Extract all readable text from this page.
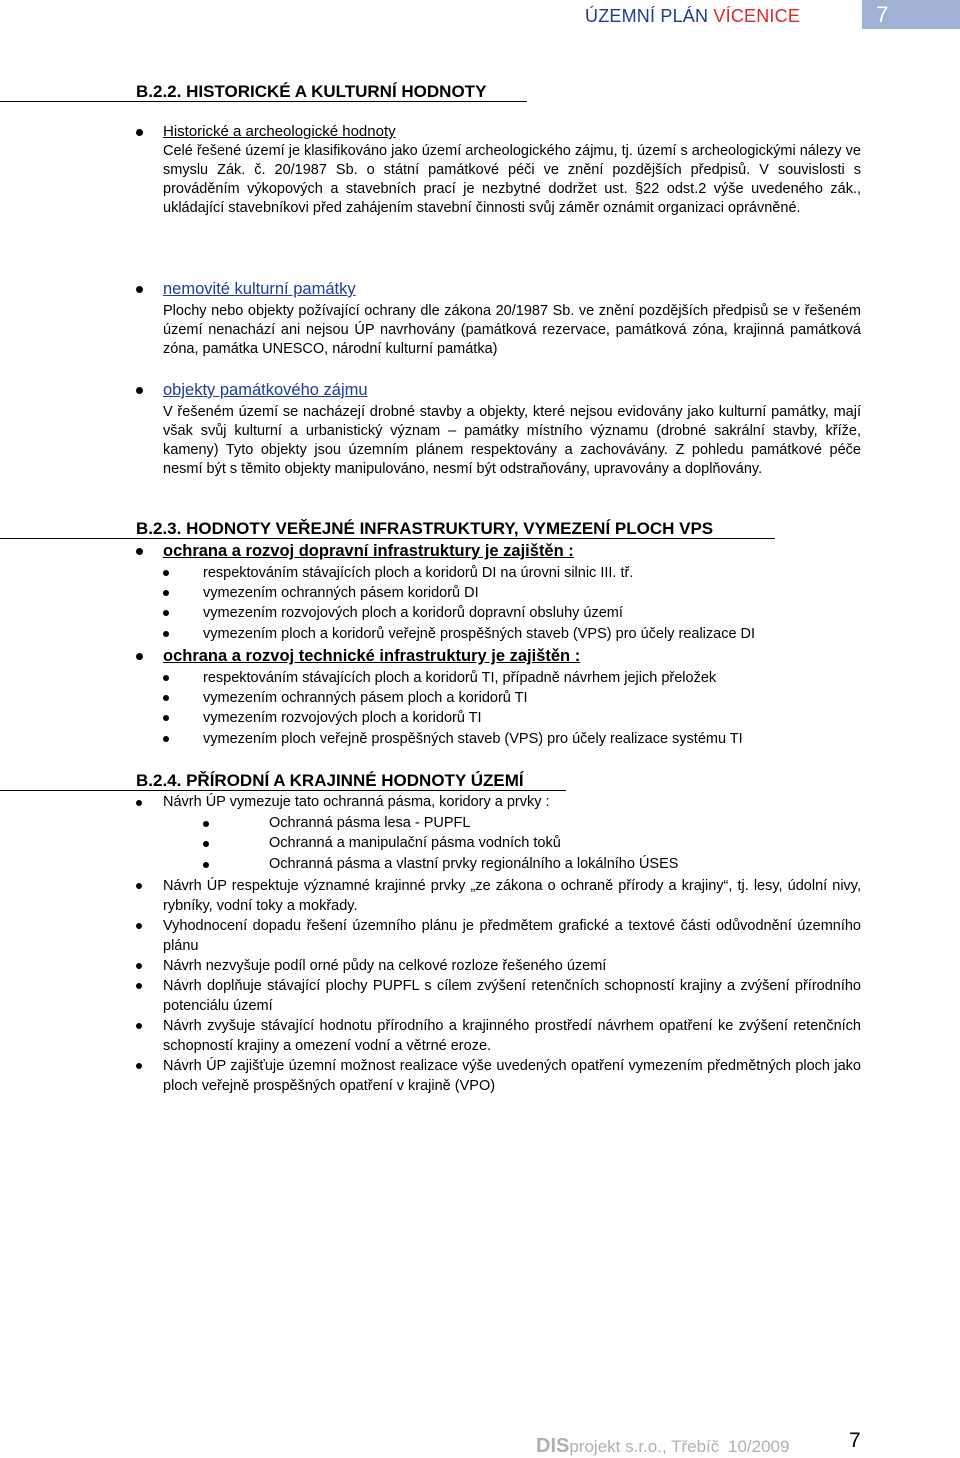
ÚZEMNÍ PLÁN VÍCENICE	7
B.2.2. HISTORICKÉ A KULTURNÍ HODNOTY
Historické a archeologické hodnoty
Celé řešené území je klasifikováno jako území archeologického zájmu, tj. území s archeologickými nálezy ve smyslu Zák. č. 20/1987 Sb. o státní památkové péči ve znění pozdějších předpisů. V souvislosti s prováděním výkopových a stavebních prací je nezbytné dodržet ust. §22 odst.2 výše uvedeného zák., ukládající stavebníkovi před zahájením stavební činnosti svůj záměr oznámit organizaci oprávněné.
nemovité kulturní památky
Plochy nebo objekty požívající ochrany dle zákona 20/1987 Sb. ve znění pozdějších předpisů se v řešeném území nenachází ani nejsou ÚP navrhovány (památková rezervace, památková zóna, krajinná památková zóna, památka UNESCO, národní kulturní památka)
objekty památkového zájmu
V řešeném území se nacházejí drobné stavby a objekty, které nejsou evidovány jako kulturní památky, mají však svůj kulturní a urbanistický význam – památky místního významu (drobné sakrální stavby, kříže, kameny) Tyto objekty jsou územním plánem respektovány a zachovávány. Z pohledu památkové péče nesmí být s těmito objekty manipulováno, nesmí být odstraňovány, upravovány a doplňovány.
B.2.3. HODNOTY VEŘEJNÉ INFRASTRUKTURY, VYMEZENÍ PLOCH VPS
ochrana a rozvoj dopravní infrastruktury je zajištěn :
respektováním stávajících ploch a koridorů DI na úrovni silnic III. tř.
vymezením ochranných pásem koridorů DI
vymezením rozvojových ploch a koridorů dopravní obsluhy území
vymezením ploch a koridorů veřejně prospěšných staveb (VPS) pro účely realizace DI
ochrana a rozvoj technické infrastruktury je zajištěn :
respektováním stávajících ploch a koridorů TI, případně návrhem jejich přeložek
vymezením ochranných pásem ploch a koridorů TI
vymezením rozvojových ploch a koridorů TI
vymezením ploch veřejně prospěšných staveb (VPS) pro účely realizace systému TI
B.2.4. PŘÍRODNÍ A KRAJINNÉ HODNOTY ÚZEMÍ
Návrh ÚP vymezuje tato ochranná pásma, koridory a prvky :
Ochranná pásma lesa - PUPFL
Ochranná a manipulační pásma vodních toků
Ochranná pásma a vlastní prvky regionálního a lokálního ÚSES
Návrh ÚP respektuje významné krajinné prvky „ze zákona o ochraně přírody a krajiny“, tj. lesy, údolní nivy, rybníky, vodní toky a mokřady.
Vyhodnocení dopadu řešení územního plánu je předmětem grafické a textové části odůvodnění územního plánu
Návrh nezvyšuje podíl orné půdy na celkové rozloze řešeného území
Návrh doplňuje stávající plochy PUPFL s cílem zvýšení retenčních schopností krajiny a zvýšení přírodního potenciálu území
Návrh zvyšuje stávající hodnotu přírodního a krajinného prostředí návrhem opatření ke zvýšení retenčních schopností krajiny a omezení vodní a větrné eroze.
Návrh ÚP zajišťuje územní možnost realizace výše uvedených opatření vymezením předmětných ploch jako ploch veřejně prospěšných opatření v krajině (VPO)
DISprojekt s.r.o., Třebíč 10/2009	7
